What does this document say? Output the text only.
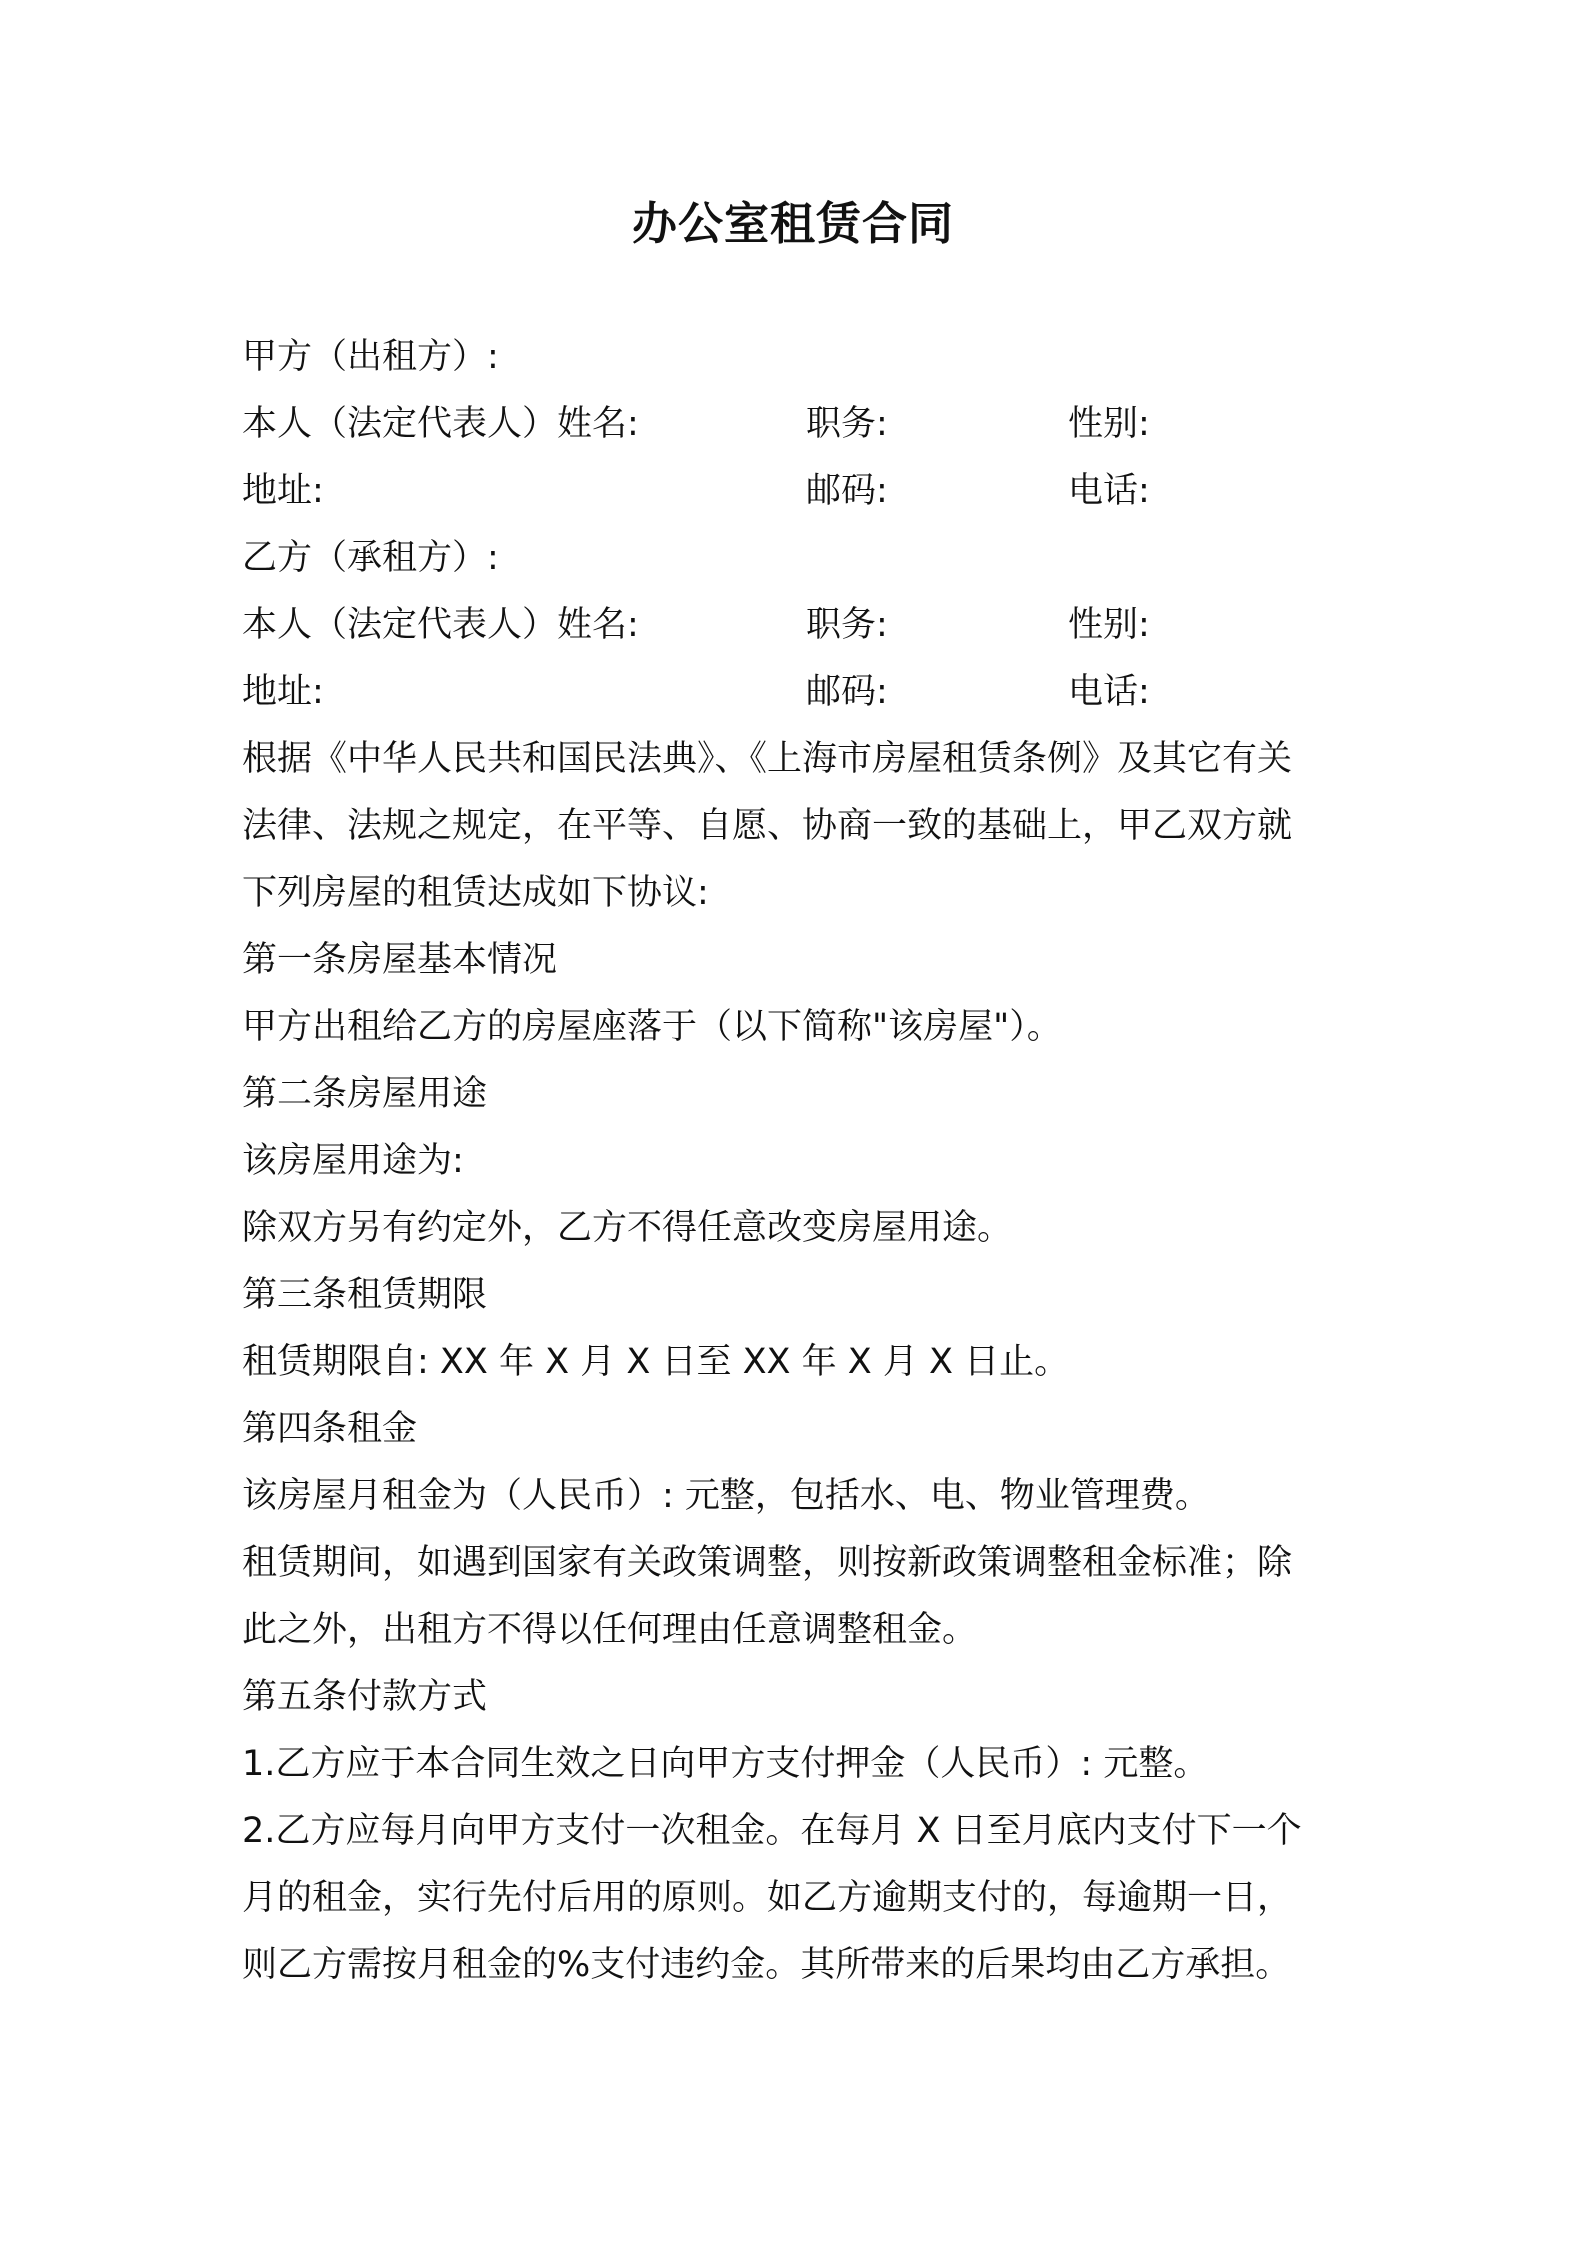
办公室租赁合同
甲方（出租方）:
本人（法定代表人）姓名:	职务:	性别:
地址:	邮码:	电话:
乙方（承租方）:
本人（法定代表人）姓名:	职务:	性别:
地址:	邮码:	电话:
根据《中华人民共和国民法典》、《上海市房屋租赁条例》及其它有关
法律、法规之规定，在平等、自愿、协商一致的基础上，甲乙双方就
下列房屋的租赁达成如下协议:
第一条房屋基本情况
甲方出租给乙方的房屋座落于（以下简称"该房屋"）。
第二条房屋用途
该房屋用途为:
除双方另有约定外，乙方不得任意改变房屋用途。
第三条租赁期限
租赁期限自: XX 年 X 月 X 日至 XX 年 X 月 X 日止。
第四条租金
该房屋月租金为（人民币）: 元整，包括水、电、物业管理费。
租赁期间，如遇到国家有关政策调整，则按新政策调整租金标准；除
此之外，出租方不得以任何理由任意调整租金。
第五条付款方式
1.乙方应于本合同生效之日向甲方支付押金（人民币）: 元整。
2.乙方应每月向甲方支付一次租金。在每月 X 日至月底内支付下一个
月的租金，实行先付后用的原则。如乙方逾期支付的，每逾期一日，
则乙方需按月租金的%支付违约金。其所带来的后果均由乙方承担。
